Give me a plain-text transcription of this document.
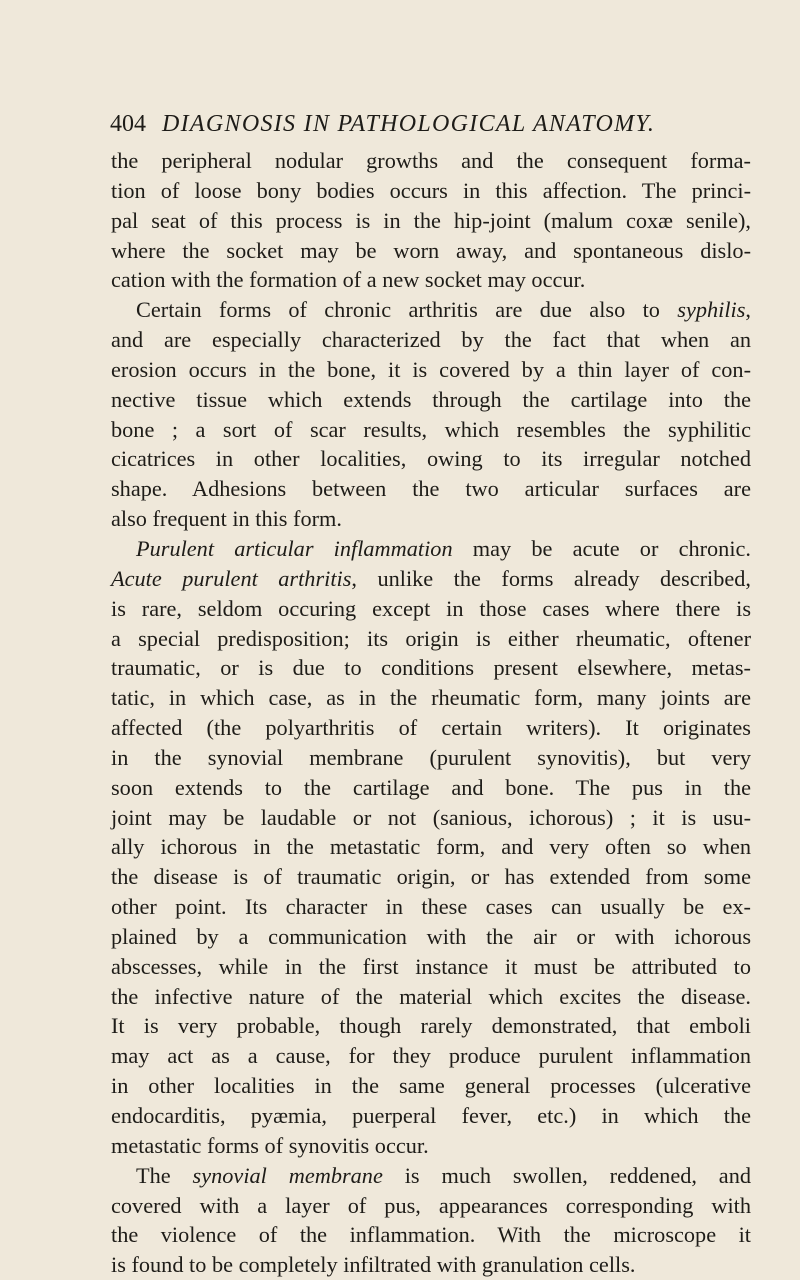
404 DIAGNOSIS IN PATHOLOGICAL ANATOMY.
the peripheral nodular growths and the consequent forma-
tion of loose bony bodies occurs in this affection. The princi-
pal seat of this process is in the hip-joint (malum coxæ senile),
where the socket may be worn away, and spontaneous dislo-
cation with the formation of a new socket may occur.
Certain forms of chronic arthritis are due also to syphilis,
and are especially characterized by the fact that when an
erosion occurs in the bone, it is covered by a thin layer of con-
nective tissue which extends through the cartilage into the
bone ; a sort of scar results, which resembles the syphilitic
cicatrices in other localities, owing to its irregular notched
shape. Adhesions between the two articular surfaces are
also frequent in this form.
Purulent articular inflammation may be acute or chronic.
Acute purulent arthritis, unlike the forms already described,
is rare, seldom occuring except in those cases where there is
a special predisposition; its origin is either rheumatic, oftener
traumatic, or is due to conditions present elsewhere, metas-
tatic, in which case, as in the rheumatic form, many joints are
affected (the polyarthritis of certain writers). It originates
in the synovial membrane (purulent synovitis), but very
soon extends to the cartilage and bone. The pus in the
joint may be laudable or not (sanious, ichorous) ; it is usu-
ally ichorous in the metastatic form, and very often so when
the disease is of traumatic origin, or has extended from some
other point. Its character in these cases can usually be ex-
plained by a communication with the air or with ichorous
abscesses, while in the first instance it must be attributed to
the infective nature of the material which excites the disease.
It is very probable, though rarely demonstrated, that emboli
may act as a cause, for they produce purulent inflammation
in other localities in the same general processes (ulcerative
endocarditis, pyæmia, puerperal fever, etc.) in which the
metastatic forms of synovitis occur.
The synovial membrane is much swollen, reddened, and
covered with a layer of pus, appearances corresponding with
the violence of the inflammation. With the microscope it
is found to be completely infiltrated with granulation cells.
